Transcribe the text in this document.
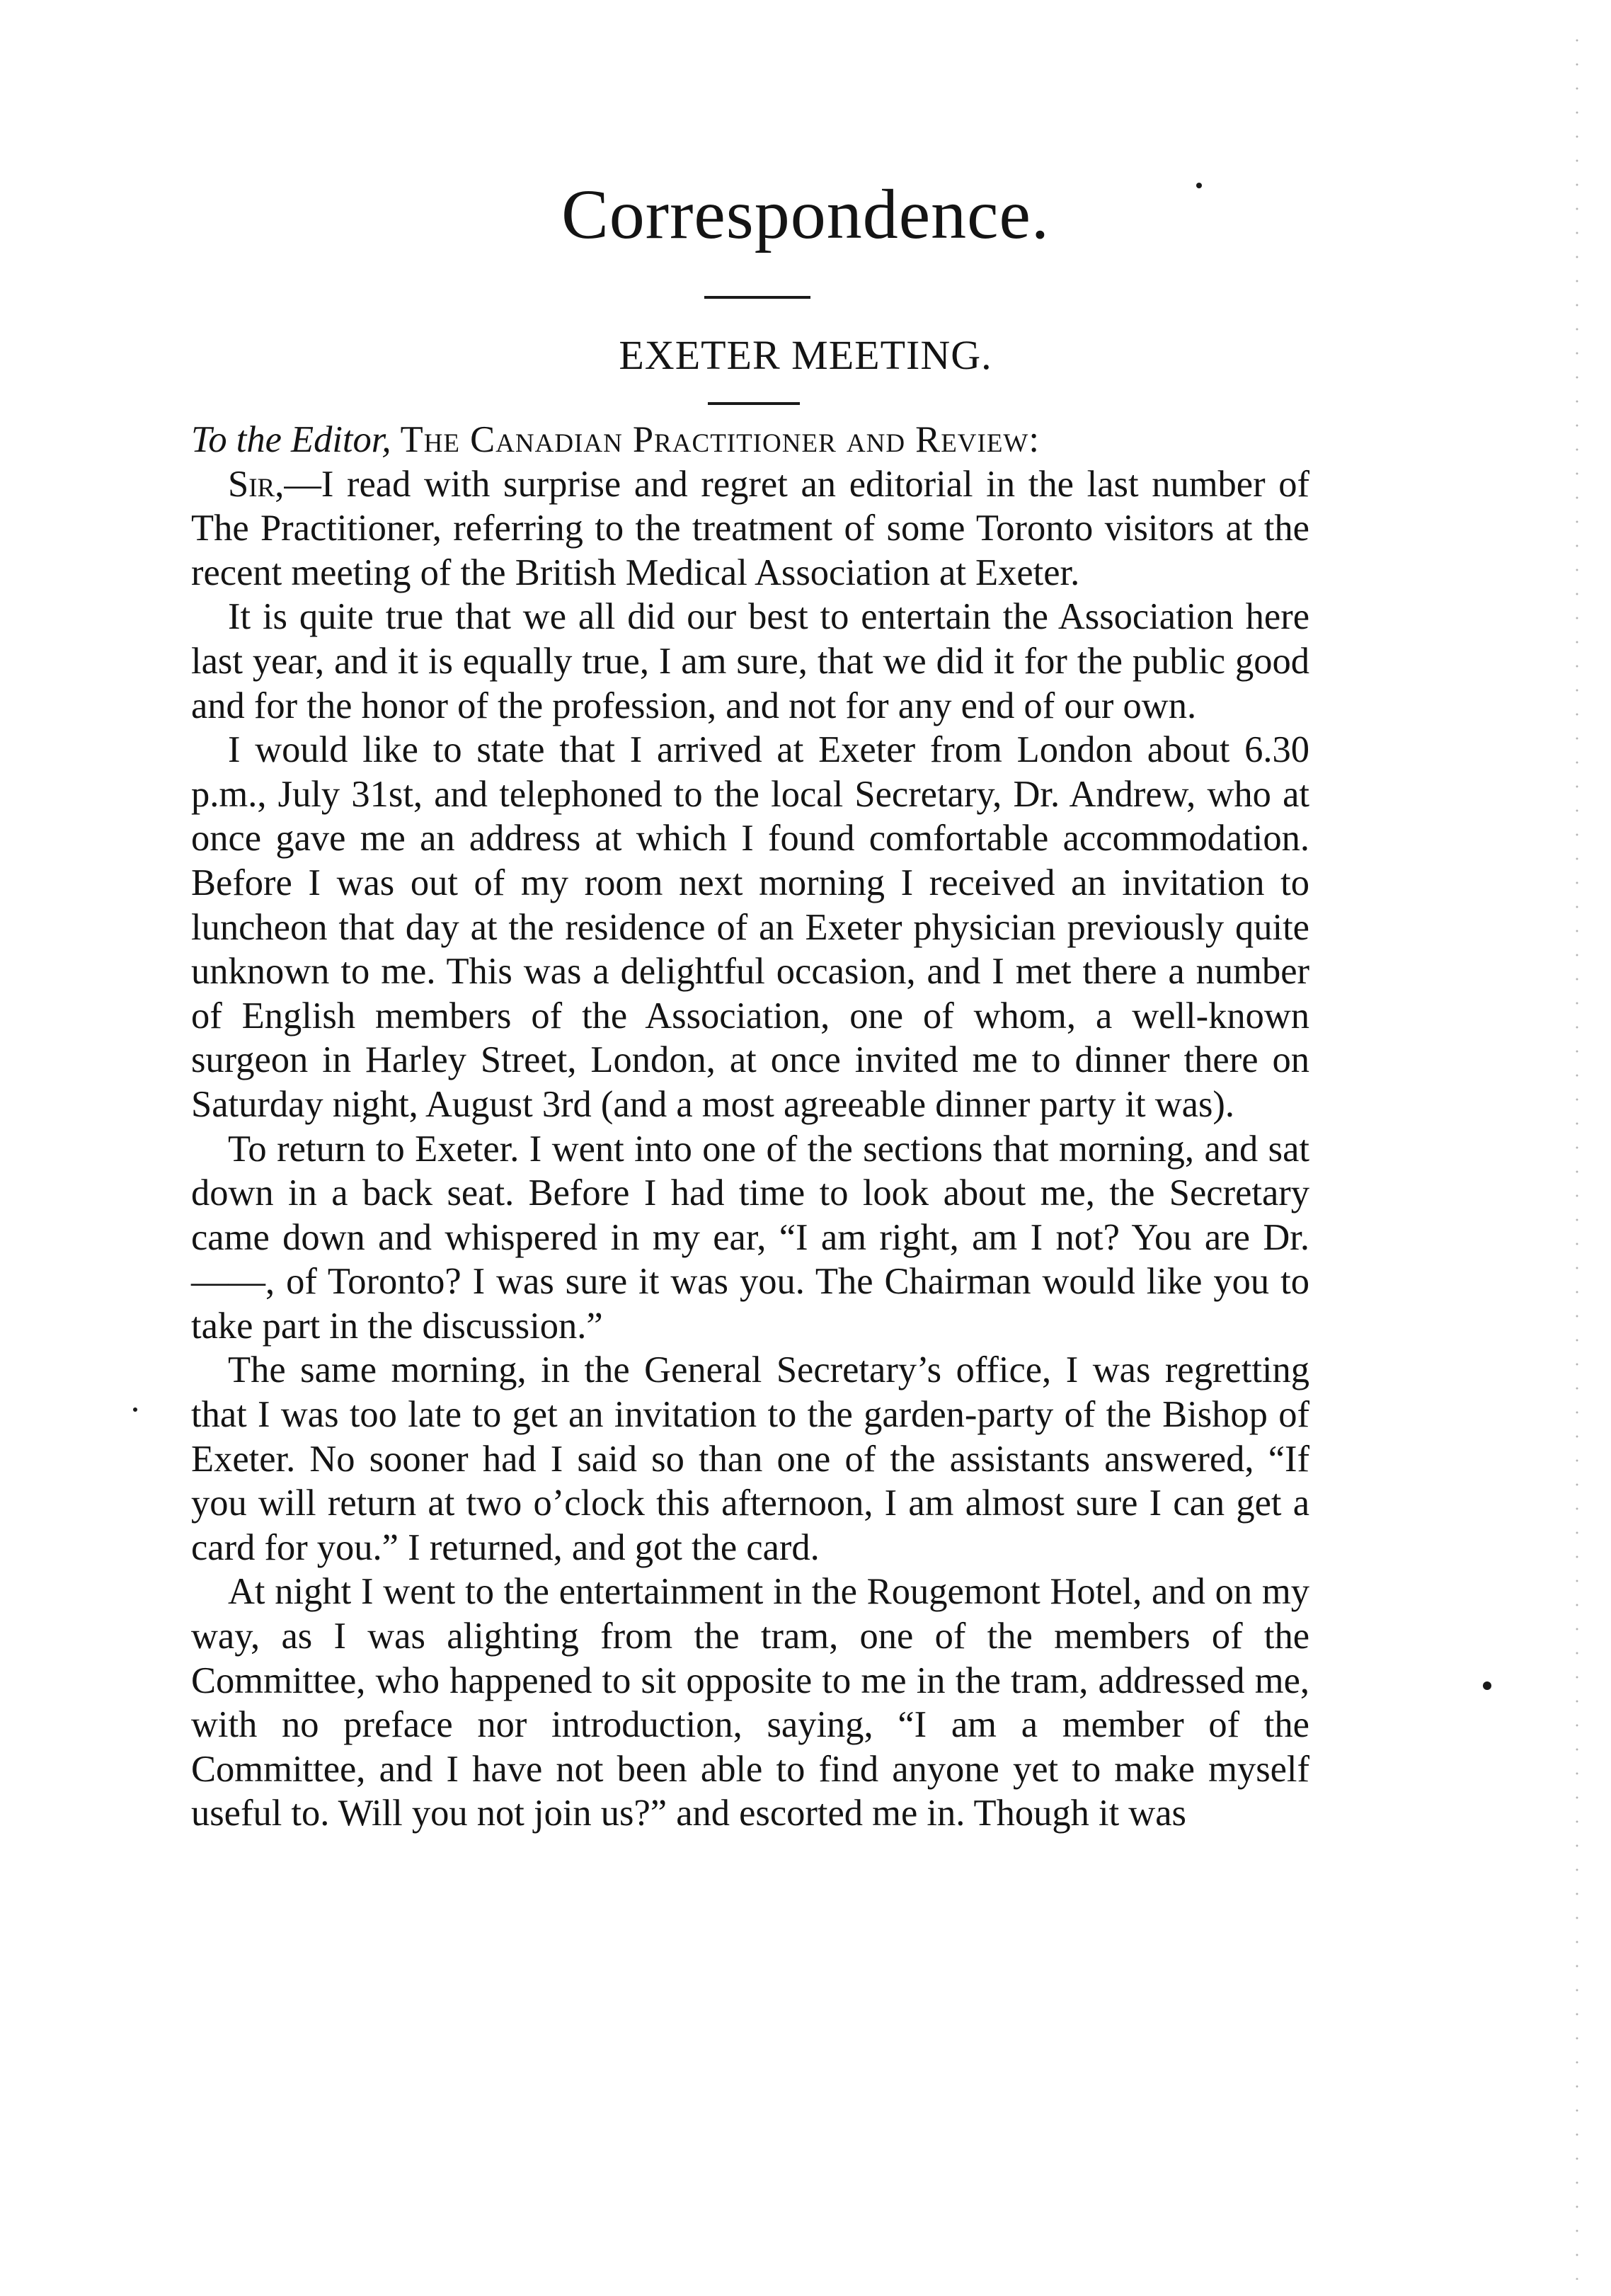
Correspondence.
EXETER MEETING.

To the Editor, The Canadian Practitioner and Review:

Sir,—I read with surprise and regret an editorial in the last number of The Practitioner, referring to the treatment of some Toronto visitors at the recent meeting of the British Medical Association at Exeter.

It is quite true that we all did our best to entertain the Association here last year, and it is equally true, I am sure, that we did it for the public good and for the honor of the profession, and not for any end of our own.

I would like to state that I arrived at Exeter from London about 6.30 p.m., July 31st, and telephoned to the local Secretary, Dr. Andrew, who at once gave me an address at which I found comfortable accommodation. Before I was out of my room next morning I received an invitation to luncheon that day at the residence of an Exeter physician previously quite unknown to me. This was a delightful occasion, and I met there a number of English members of the Association, one of whom, a well-known surgeon in Harley Street, London, at once invited me to dinner there on Saturday night, August 3rd (and a most agreeable dinner party it was).

To return to Exeter. I went into one of the sections that morning, and sat down in a back seat. Before I had time to look about me, the Secretary came down and whispered in my ear, “I am right, am I not? You are Dr. ——, of Toronto? I was sure it was you. The Chairman would like you to take part in the discussion.”

The same morning, in the General Secretary’s office, I was regretting that I was too late to get an invitation to the garden-party of the Bishop of Exeter. No sooner had I said so than one of the assistants answered, “If you will return at two o’clock this afternoon, I am almost sure I can get a card for you.” I returned, and got the card.

At night I went to the entertainment in the Rougemont Hotel, and on my way, as I was alighting from the tram, one of the members of the Committee, who happened to sit opposite to me in the tram, addressed me, with no preface nor introduction, saying, “I am a member of the Committee, and I have not been able to find anyone yet to make myself useful to. Will you not join us?” and escorted me in. Though it was
